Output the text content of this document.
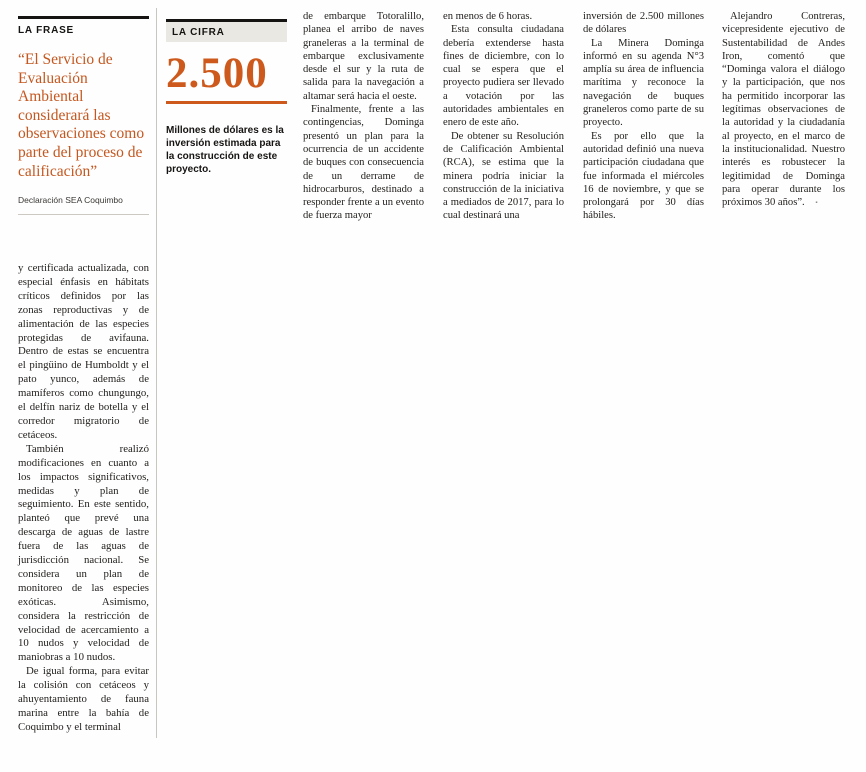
LA FRASE
“El Servicio de Evaluación Ambiental considerará las observaciones como parte del proceso de calificación”
Declaración SEA Coquimbo

y certificada actualizada, con especial énfasis en hábitats críticos definidos por las zonas reproductivas y de alimentación de las especies protegidas de avifauna. Dentro de estas se encuentra el pingüino de Humboldt y el pato yunco, además de mamíferos como chungungo, el delfín nariz de botella y el corredor migratorio de cetáceos.

También realizó modificaciones en cuanto a los impactos significativos, medidas y plan de seguimiento. En este sentido, planteó que prevé una descarga de aguas de lastre fuera de las aguas de jurisdicción nacional. Se considera un plan de monitoreo de las especies exóticas. Asimismo, considera la restricción de velocidad de acercamiento a 10 nudos y velocidad de maniobras a 10 nudos.

De igual forma, para evitar la colisión con cetáceos y ahuyentamiento de fauna marina entre la bahía de Coquimbo y el terminal

LA CIFRA
2.500

Millones de dólares es la inversión estimada para la construcción de este proyecto.

de embarque Totoralillo, planea el arribo de naves graneleras a la terminal de embarque exclusivamente desde el sur y la ruta de salida para la navegación a altamar será hacia el oeste.

Finalmente, frente a las contingencias, Dominga presentó un plan para la ocurrencia de un accidente de buques con consecuencia de un derrame de hidrocarburos, destinado a responder frente a un evento de fuerza mayor

en menos de 6 horas.

Esta consulta ciudadana debería extenderse hasta fines de diciembre, con lo cual se espera que el proyecto pudiera ser llevado a votación por las autoridades ambientales en enero de este año.

De obtener su Resolución de Calificación Ambiental (RCA), se estima que la minera podría iniciar la construcción de la iniciativa a mediados de 2017, para lo cual destinará una

inversión de 2.500 millones de dólares

La Minera Dominga informó en su agenda N°3 amplía su área de influencia marítima y reconoce la navegación de buques graneleros como parte de su proyecto.

Es por ello que la autoridad definió una nueva participación ciudadana que fue informada el miércoles 16 de noviembre, y que se prolongará por 30 días hábiles.

Alejandro Contreras, vicepresidente ejecutivo de Sustentabilidad de Andes Iron, comentó que “Dominga valora el diálogo y la participación, que nos ha permitido incorporar las legítimas observaciones de la autoridad y la ciudadanía al proyecto, en el marco de la institucionalidad. Nuestro interés es robustecer la legitimidad de Dominga para operar durante los próximos 30 años”. ▪
